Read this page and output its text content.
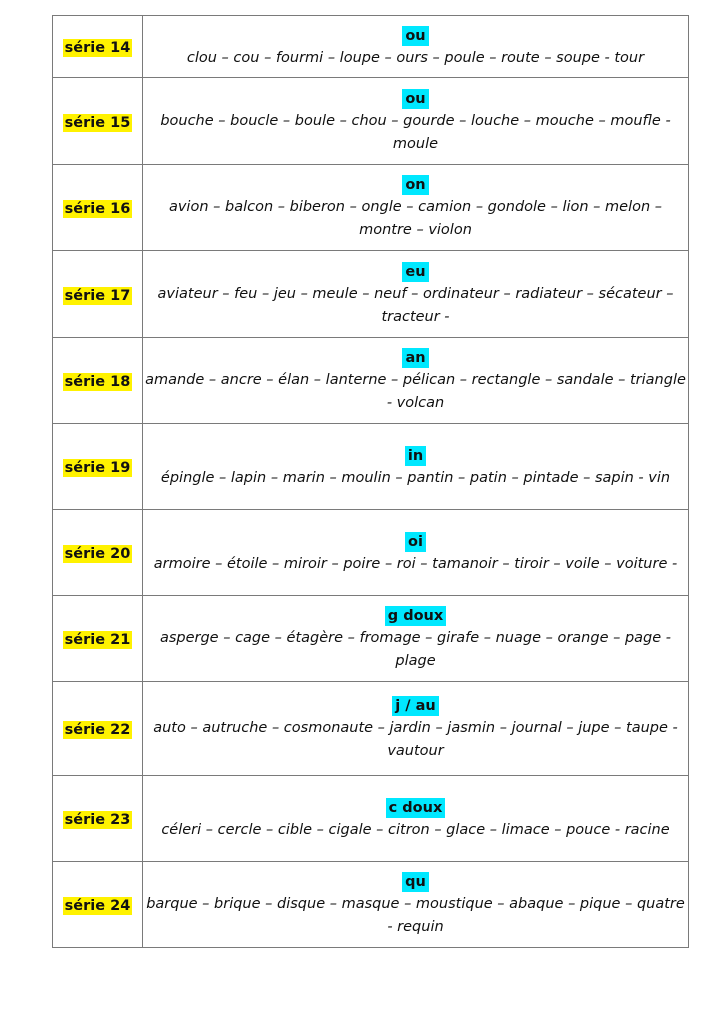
série 14	ou
clou – cou – fourmi – loupe – ours – poule – route – soupe - tour

série 15	ou
bouche – boucle – boule – chou – gourde – louche – mouche – moufle - moule

série 16	on
avion – balcon – biberon – ongle – camion – gondole – lion – melon – montre – violon

série 17	eu
aviateur – feu – jeu – meule – neuf – ordinateur – radiateur – sécateur – tracteur -

série 18	an
amande – ancre – élan – lanterne – pélican – rectangle – sandale – triangle - volcan

série 19	in
épingle – lapin – marin – moulin – pantin – patin – pintade – sapin - vin

série 20	oi
armoire – étoile – miroir – poire – roi – tamanoir – tiroir – voile – voiture -

série 21	g doux
asperge – cage – étagère – fromage – girafe – nuage – orange – page - plage

série 22	j / au
auto – autruche – cosmonaute – jardin – jasmin – journal – jupe – taupe - vautour

série 23	c doux
céleri – cercle – cible – cigale – citron – glace – limace – pouce - racine

série 24	qu
barque – brique – disque – masque – moustique – abaque – pique – quatre - requin
